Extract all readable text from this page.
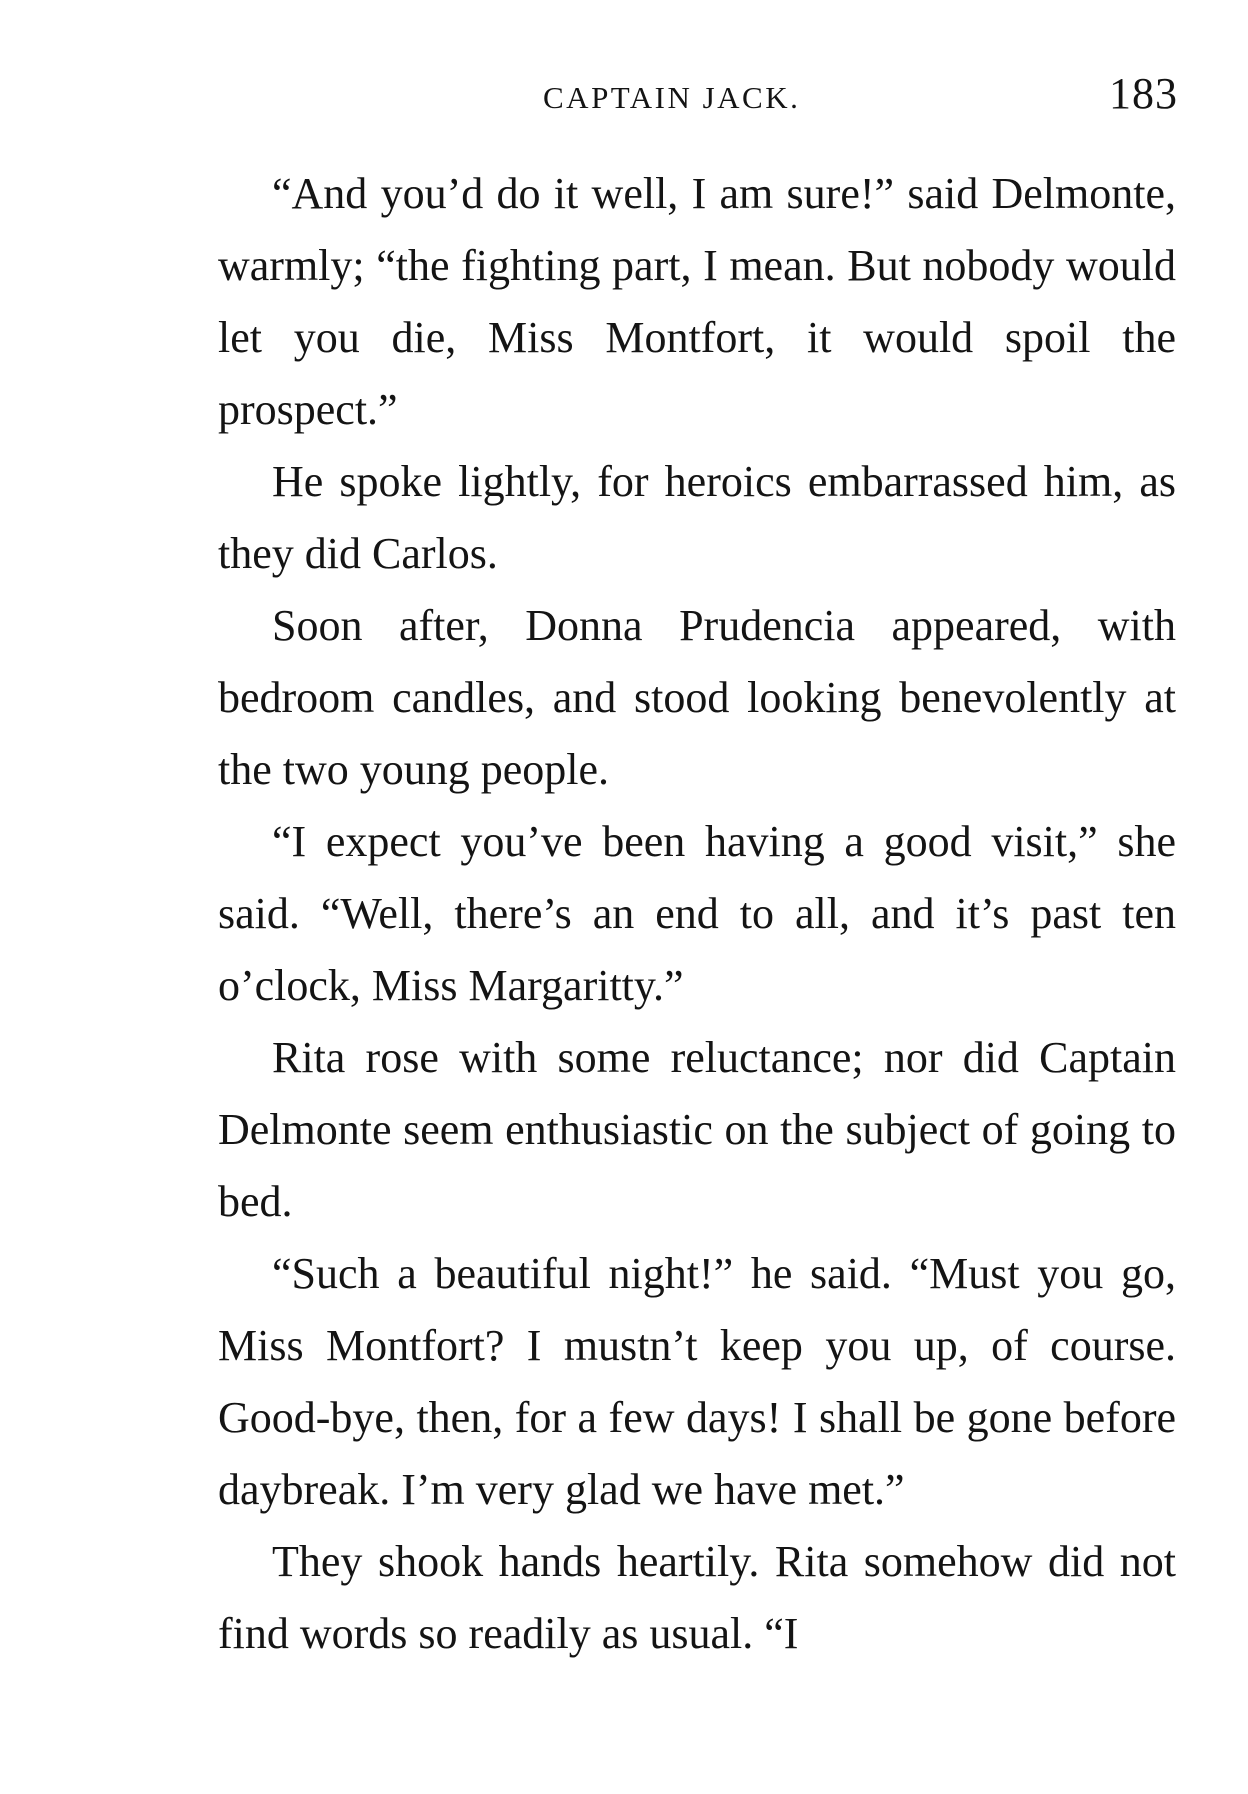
CAPTAIN JACK.	183

“And you’d do it well, I am sure!” said Delmonte, warmly; “the fighting part, I mean. But nobody would let you die, Miss Montfort, it would spoil the prospect.”

He spoke lightly, for heroics embarrassed him, as they did Carlos.

Soon after, Donna Prudencia appeared, with bedroom candles, and stood looking benevolently at the two young people.

“I expect you’ve been having a good visit,” she said. “Well, there’s an end to all, and it’s past ten o’clock, Miss Margaritty.”

Rita rose with some reluctance; nor did Captain Delmonte seem enthusiastic on the subject of going to bed.

“Such a beautiful night!” he said. “Must you go, Miss Montfort? I mustn’t keep you up, of course. Good-bye, then, for a few days! I shall be gone before daybreak. I’m very glad we have met.”

They shook hands heartily. Rita somehow did not find words so readily as usual. “I
